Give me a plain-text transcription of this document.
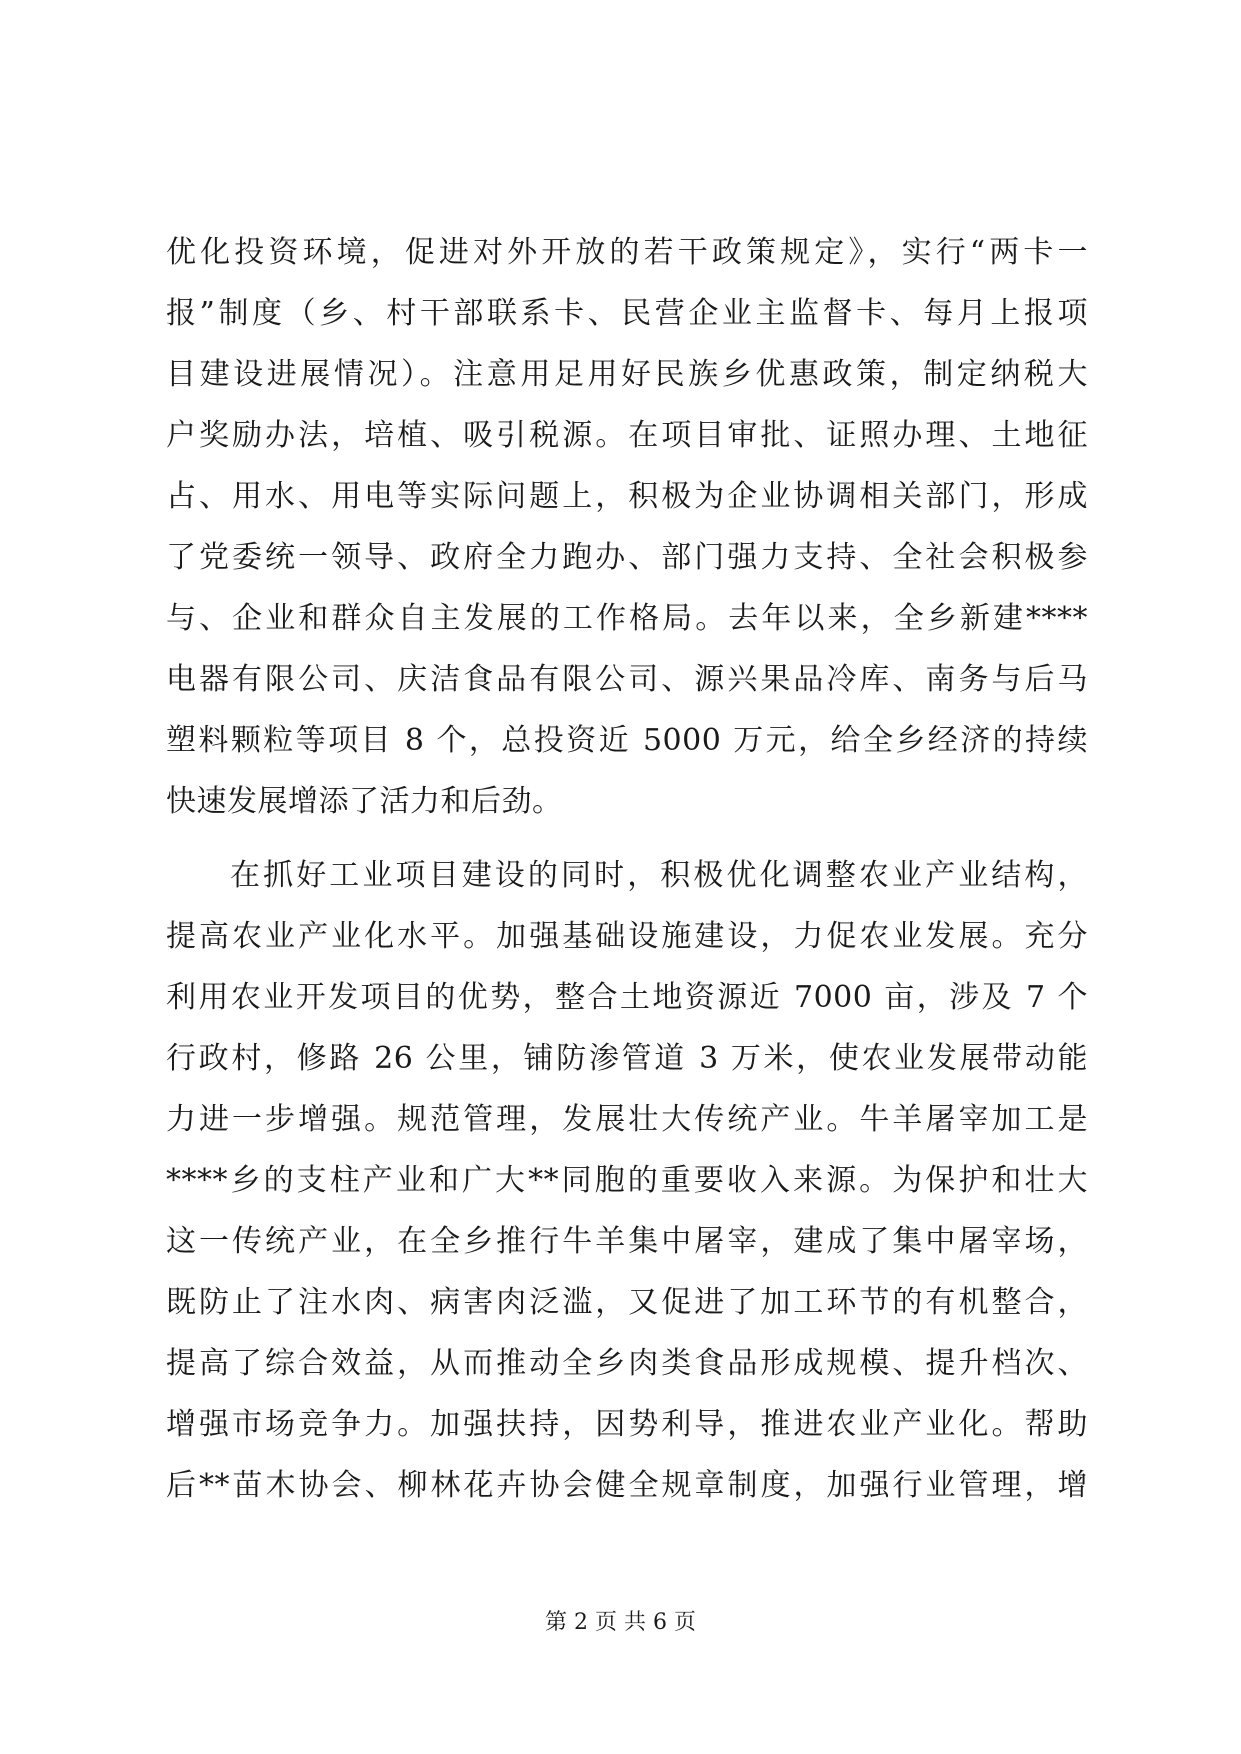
优化投资环境，促进对外开放的若干政策规定》，实行“两卡一
报”制度（乡、村干部联系卡、民营企业主监督卡、每月上报项
目建设进展情况）。注意用足用好民族乡优惠政策，制定纳税大
户奖励办法，培植、吸引税源。在项目审批、证照办理、土地征
占、用水、用电等实际问题上，积极为企业协调相关部门，形成
了党委统一领导、政府全力跑办、部门强力支持、全社会积极参
与、企业和群众自主发展的工作格局。去年以来，全乡新建****
电器有限公司、庆洁食品有限公司、源兴果品冷库、南务与后马
塑料颗粒等项目 8 个，总投资近 5000 万元，给全乡经济的持续
快速发展增添了活力和后劲。
在抓好工业项目建设的同时，积极优化调整农业产业结构，
提高农业产业化水平。加强基础设施建设，力促农业发展。充分
利用农业开发项目的优势，整合土地资源近 7000 亩，涉及 7 个
行政村，修路 26 公里，铺防渗管道 3 万米，使农业发展带动能
力进一步增强。规范管理，发展壮大传统产业。牛羊屠宰加工是
****乡的支柱产业和广大**同胞的重要收入来源。为保护和壮大
这一传统产业，在全乡推行牛羊集中屠宰，建成了集中屠宰场，
既防止了注水肉、病害肉泛滥，又促进了加工环节的有机整合，
提高了综合效益，从而推动全乡肉类食品形成规模、提升档次、
增强市场竞争力。加强扶持，因势利导，推进农业产业化。帮助
后**苗木协会、柳林花卉协会健全规章制度，加强行业管理，增
第 2 页 共 6 页
